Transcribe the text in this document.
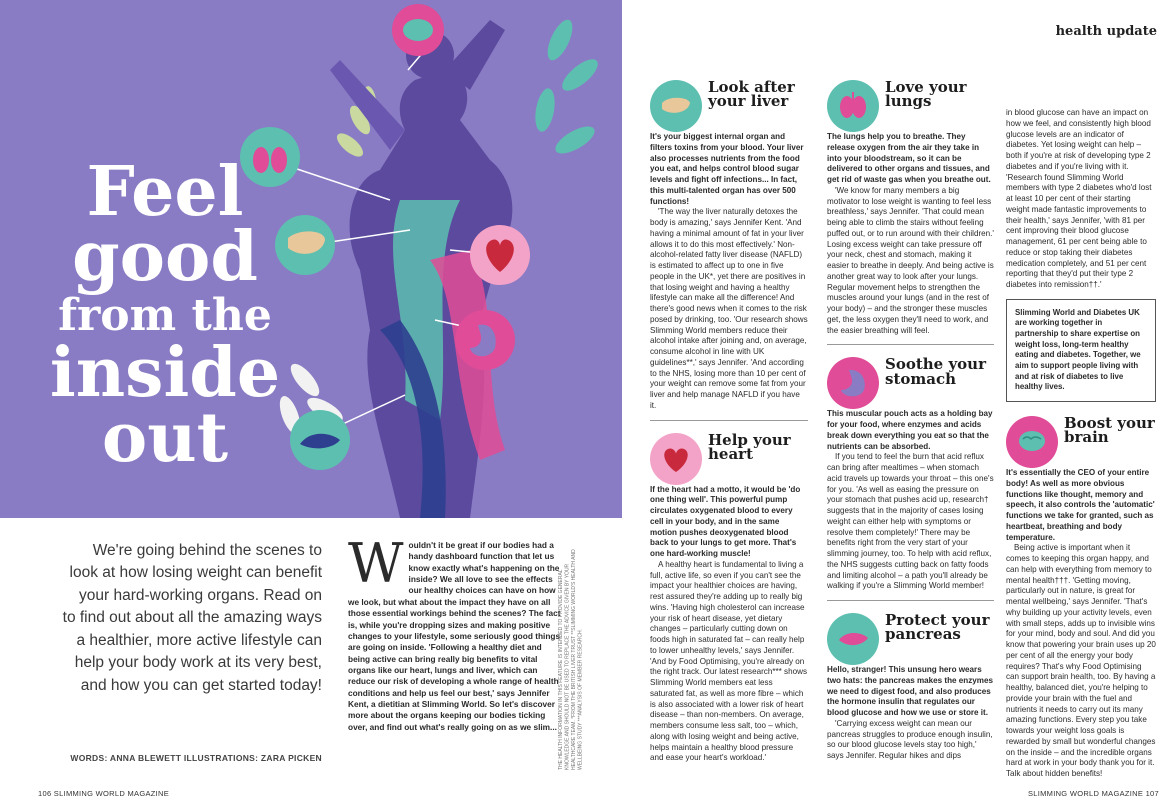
Feel
good
from the
inside
out

We're going behind the scenes to look at how losing weight can benefit your hard-working organs. Read on to find out about all the amazing ways a healthier, more active lifestyle can help your body work at its very best, and how you can get started today!

WORDS: ANNA BLEWETT ILLUSTRATIONS: ZARA PICKEN
W ouldn't it be great if our bodies had a handy dashboard function that let us know exactly what's happening on the inside? We all love to see the effects our healthy choices can have on how we look, but what about the impact they have on all those essential workings behind the scenes? The fact is, while you're dropping sizes and making positive changes to your lifestyle, some seriously good things are going on inside. 'Following a healthy diet and being active can bring really big benefits to vital organs like our heart, lungs and liver, which can reduce our risk of developing a whole range of health conditions and help us feel our best,' says Jennifer Kent, a dietitian at Slimming World. So let's discover more about the organs keeping our bodies ticking over, and find out what's really going on as we slim... THE HEALTH INFORMATION IN THIS FEATURE IS INTENDED TO PROVIDE GENERAL KNOWLEDGE AND SHOULD NOT BE USED TO REPLACE THE ADVICE GIVEN BY YOUR HEALTHCARE TEAM. *FROM THE BRITISH LIVER TRUST **SLIMMING WORLD'S HEALTH AND WELLBEING STUDY ***ANALYSIS OF MEMBER RESEARCH.
106 SLIMMING WORLD MAGAZINE
health update
Look after your liver

It's your biggest internal organ and filters toxins from your blood. Your liver also processes nutrients from the food you eat, and helps control blood sugar levels and fight off infections... In fact, this multi-talented organ has over 500 functions!

'The way the liver naturally detoxes the body is amazing,' says Jennifer Kent. 'And having a minimal amount of fat in your liver allows it to do this most effectively.' Non-alcohol-related fatty liver disease (NAFLD) is estimated to affect up to one in five people in the UK*, yet there are positives in that losing weight and having a healthy lifestyle can make all the difference! And there's good news when it comes to the risk posed by drinking, too. 'Our research shows Slimming World members reduce their alcohol intake after joining and, on average, consume alcohol in line with UK guidelines**,' says Jennifer. 'And according to the NHS, losing more than 10 per cent of your weight can remove some fat from your liver and help manage NAFLD if you have it.

Help your heart

If the heart had a motto, it would be 'do one thing well'. This powerful pump circulates oxygenated blood to every cell in your body, and in the same motion pushes deoxygenated blood back to your lungs to get more. That's one hard-working muscle!

A healthy heart is fundamental to living a full, active life, so even if you can't see the impact your healthier choices are having, rest assured they're adding up to really big wins. 'Having high cholesterol can increase your risk of heart disease, yet dietary changes – particularly cutting down on foods high in saturated fat – can really help to lower unhealthy levels,' says Jennifer. 'And by Food Optimising, you're already on the right track. Our latest research*** shows Slimming World members eat less saturated fat, as well as more fibre – which is also associated with a lower risk of heart disease – than non-members. On average, members consume less salt, too – which, along with losing weight and being active, helps maintain a healthy blood pressure and ease your heart's workload.'

Love your lungs

The lungs help you to breathe. They release oxygen from the air they take in into your bloodstream, so it can be delivered to other organs and tissues, and get rid of waste gas when you breathe out.

'We know for many members a big motivator to lose weight is wanting to feel less breathless,' says Jennifer. 'That could mean being able to climb the stairs without feeling puffed out, or to run around with their children.' Losing excess weight can take pressure off your neck, chest and stomach, making it easier to breathe in deeply. And being active is another great way to look after your lungs. Regular movement helps to strengthen the muscles around your lungs (and in the rest of your body) – and the stronger these muscles get, the less oxygen they'll need to work, and the easier breathing will feel.

Soothe your stomach

This muscular pouch acts as a holding bay for your food, where enzymes and acids break down everything you eat so that the nutrients can be absorbed.

If you tend to feel the burn that acid reflux can bring after mealtimes – when stomach acid travels up towards your throat – this one's for you. 'As well as easing the pressure on your stomach that pushes acid up, research† suggests that in the majority of cases losing weight can either help with symptoms or resolve them completely!' There may be benefits right from the very start of your slimming journey, too. To help with acid reflux, the NHS suggests cutting back on fatty foods and limiting alcohol – a path you'll already be walking if you're a Slimming World member!

Protect your pancreas

Hello, stranger! This unsung hero wears two hats: the pancreas makes the enzymes we need to digest food, and also produces the hormone insulin that regulates our blood glucose and how we use or store it.

'Carrying excess weight can mean our pancreas struggles to produce enough insulin, so our blood glucose levels stay too high,' says Jennifer. Regular hikes and dips

in blood glucose can have an impact on how we feel, and consistently high blood glucose levels are an indicator of diabetes. Yet losing weight can help – both if you're at risk of developing type 2 diabetes and if you're living with it. 'Research found Slimming World members with type 2 diabetes who'd lost at least 10 per cent of their starting weight made fantastic improvements to their health,' says Jennifer, 'with 81 per cent improving their blood glucose management, 61 per cent being able to reduce or stop taking their diabetes medication completely, and 51 per cent reporting that they'd put their type 2 diabetes into remission††.'

Slimming World and Diabetes UK are working together in partnership to share expertise on weight loss, long-term healthy eating and diabetes. Together, we aim to support people living with and at risk of diabetes to live healthy lives.
Boost your brain

It's essentially the CEO of your entire body! As well as more obvious functions like thought, memory and speech, it also controls the 'automatic' functions we take for granted, such as heartbeat, breathing and body temperature.

Being active is important when it comes to keeping this organ happy, and can help with everything from memory to mental health†††. 'Getting moving, particularly out in nature, is great for mental wellbeing,' says Jennifer. 'That's why building up your activity levels, even with small steps, adds up to invisible wins for your mind, body and soul. And did you know that powering your brain uses up 20 per cent of all the energy your body requires? That's why Food Optimising can support brain health, too. By having a healthy, balanced diet, you're helping to provide your brain with the fuel and nutrients it needs to carry out its many amazing functions. Every step you take towards your weight loss goals is rewarded by small but wonderful changes on the inside – and the incredible organs hard at work in your body thank you for it. Talk about hidden benefits!

SLIMMING WORLD MAGAZINE 107
